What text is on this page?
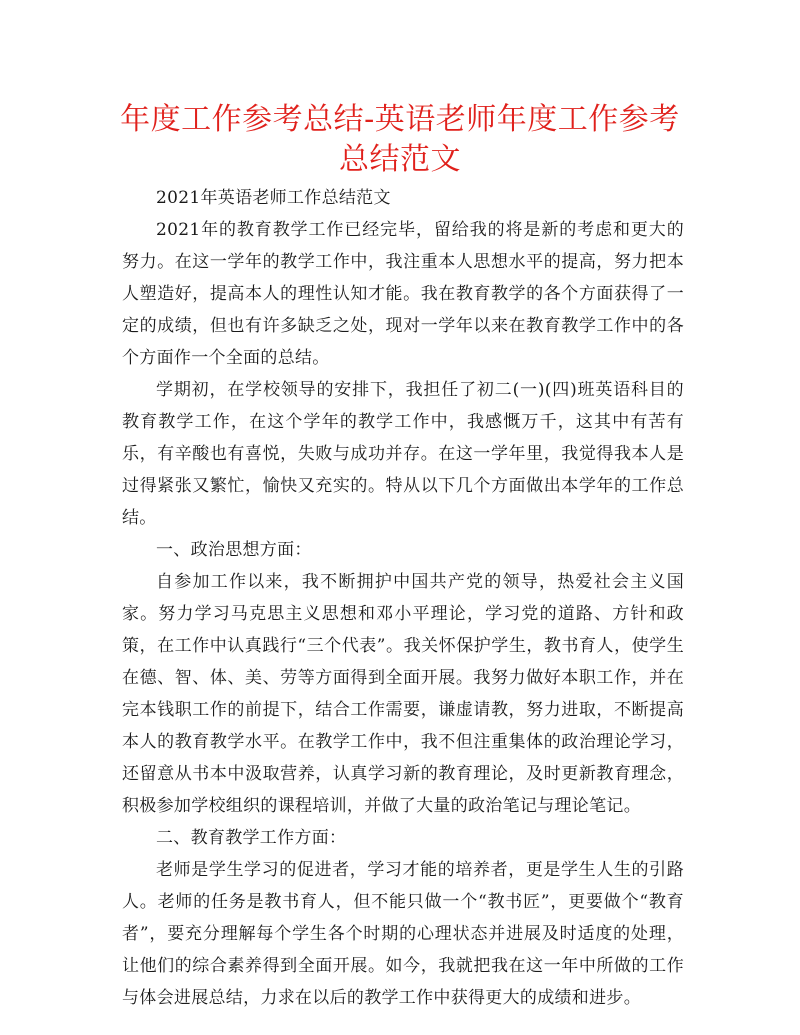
年度工作参考总结-英语老师年度工作参考总结范文

2021年英语老师工作总结范文

2021年的教育教学工作已经完毕，留给我的将是新的考虑和更大的努力。在这一学年的教学工作中，我注重本人思想水平的提高，努力把本人塑造好，提高本人的理性认知才能。我在教育教学的各个方面获得了一定的成绩，但也有许多缺乏之处，现对一学年以来在教育教学工作中的各个方面作一个全面的总结。

学期初，在学校领导的安排下，我担任了初二(一)(四)班英语科目的教育教学工作，在这个学年的教学工作中，我感慨万千，这其中有苦有乐，有辛酸也有喜悦，失败与成功并存。在这一学年里，我觉得我本人是过得紧张又繁忙，愉快又充实的。特从以下几个方面做出本学年的工作总结。

一、政治思想方面：

自参加工作以来，我不断拥护中国共产党的领导，热爱社会主义国家。努力学习马克思主义思想和邓小平理论，学习党的道路、方针和政策，在工作中认真践行“三个代表”。我关怀保护学生，教书育人，使学生在德、智、体、美、劳等方面得到全面开展。我努力做好本职工作，并在完本钱职工作的前提下，结合工作需要，谦虚请教，努力进取，不断提高本人的教育教学水平。在教学工作中，我不但注重集体的政治理论学习，还留意从书本中汲取营养，认真学习新的教育理论，及时更新教育理念，积极参加学校组织的课程培训，并做了大量的政治笔记与理论笔记。

二、教育教学工作方面：

老师是学生学习的促进者，学习才能的培养者，更是学生人生的引路人。老师的任务是教书育人，但不能只做一个“教书匠”，更要做个“教育者”，要充分理解每个学生各个时期的心理状态并进展及时适度的处理，让他们的综合素养得到全面开展。如今，我就把我在这一年中所做的工作与体会进展总结，力求在以后的教学工作中获得更大的成绩和进步。
